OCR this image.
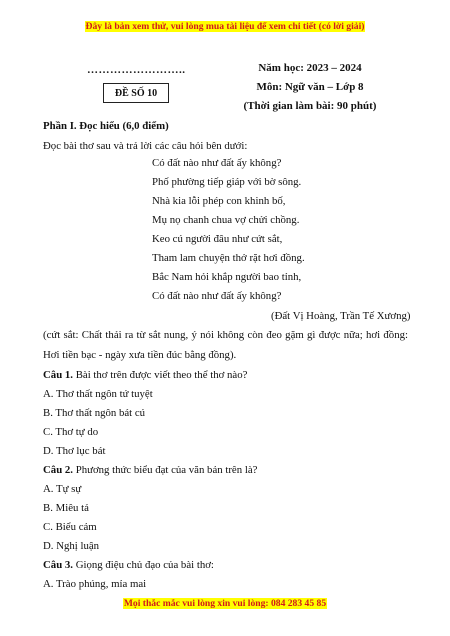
Đây là bản xem thử, vui lòng mua tài liệu để xem chi tiết (có lời giải)
……………………..
ĐỀ SỐ 10
Năm học: 2023 – 2024
Môn: Ngữ văn – Lớp 8
(Thời gian làm bài: 90 phút)
Phần I. Đọc hiểu (6,0 điểm)
Đọc bài thơ sau và trả lời các câu hỏi bên dưới:
Có đất nào như đất ấy không?
Phố phường tiếp giáp với bờ sông.
Nhà kia lỗi phép con khinh bố,
Mụ nọ chanh chua vợ chửi chồng.
Keo cú người đâu như cứt sắt,
Tham lam chuyện thở rặt hơi đồng.
Bắc Nam hỏi khắp người bao tỉnh,
Có đất nào như đất ấy không?
(Đất Vị Hoàng, Trần Tế Xương)
(cứt sắt: Chất thải ra từ sắt nung, ý nói không còn đeo gặm gì được nữa; hơi đồng: Hơi tiền bạc - ngày xưa tiền đúc bằng đồng).
Câu 1. Bài thơ trên được viết theo thể thơ nào?
A. Thơ thất ngôn tứ tuyệt
B. Thơ thất ngôn bát cú
C. Thơ tự do
D. Thơ lục bát
Câu 2. Phương thức biểu đạt của văn bản trên là?
A. Tự sự
B. Miêu tả
C. Biểu cảm
D. Nghị luận
Câu 3. Giọng điệu chủ đạo của bài thơ:
A. Trào phúng, mỉa mai
Mọi thắc mắc vui lòng xin vui lòng: 084 283 45 85
